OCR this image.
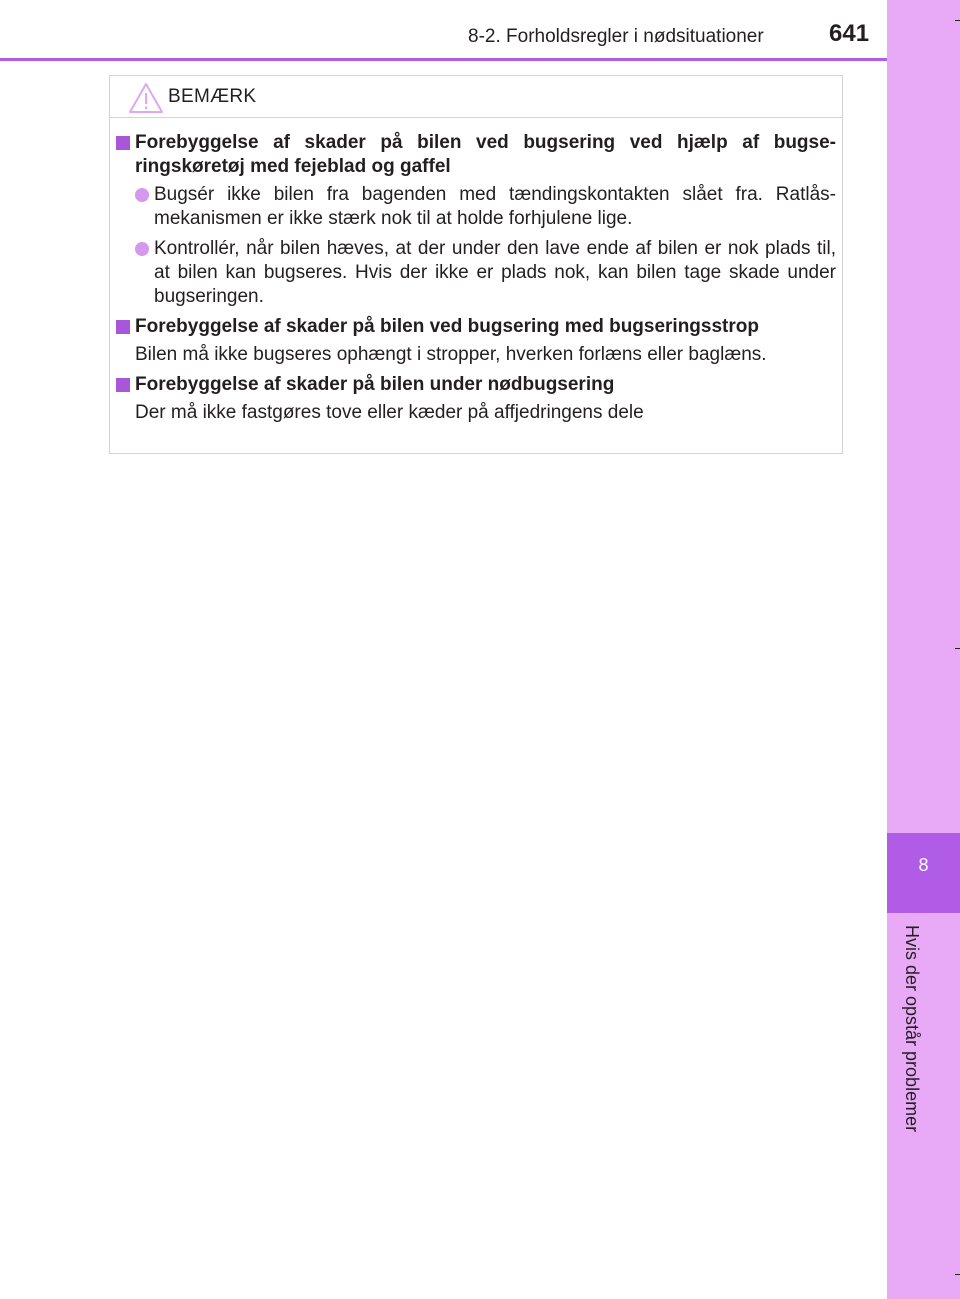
8-2. Forholdsregler i nødsituationer	641
8
Hvis der opstår problemer
BEMÆRK
Forebyggelse af skader på bilen ved bugsering ved hjælp af bugseringskøretøj med fejeblad og gaffel
Bugsér ikke bilen fra bagenden med tændingskontakten slået fra. Ratlåsmekanismen er ikke stærk nok til at holde forhjulene lige.
Kontrollér, når bilen hæves, at der under den lave ende af bilen er nok plads til, at bilen kan bugseres. Hvis der ikke er plads nok, kan bilen tage skade under bugseringen.
Forebyggelse af skader på bilen ved bugsering med bugseringsstrop
Bilen må ikke bugseres ophængt i stropper, hverken forlæns eller baglæns.
Forebyggelse af skader på bilen under nødbugsering
Der må ikke fastgøres tove eller kæder på affjedringens dele
